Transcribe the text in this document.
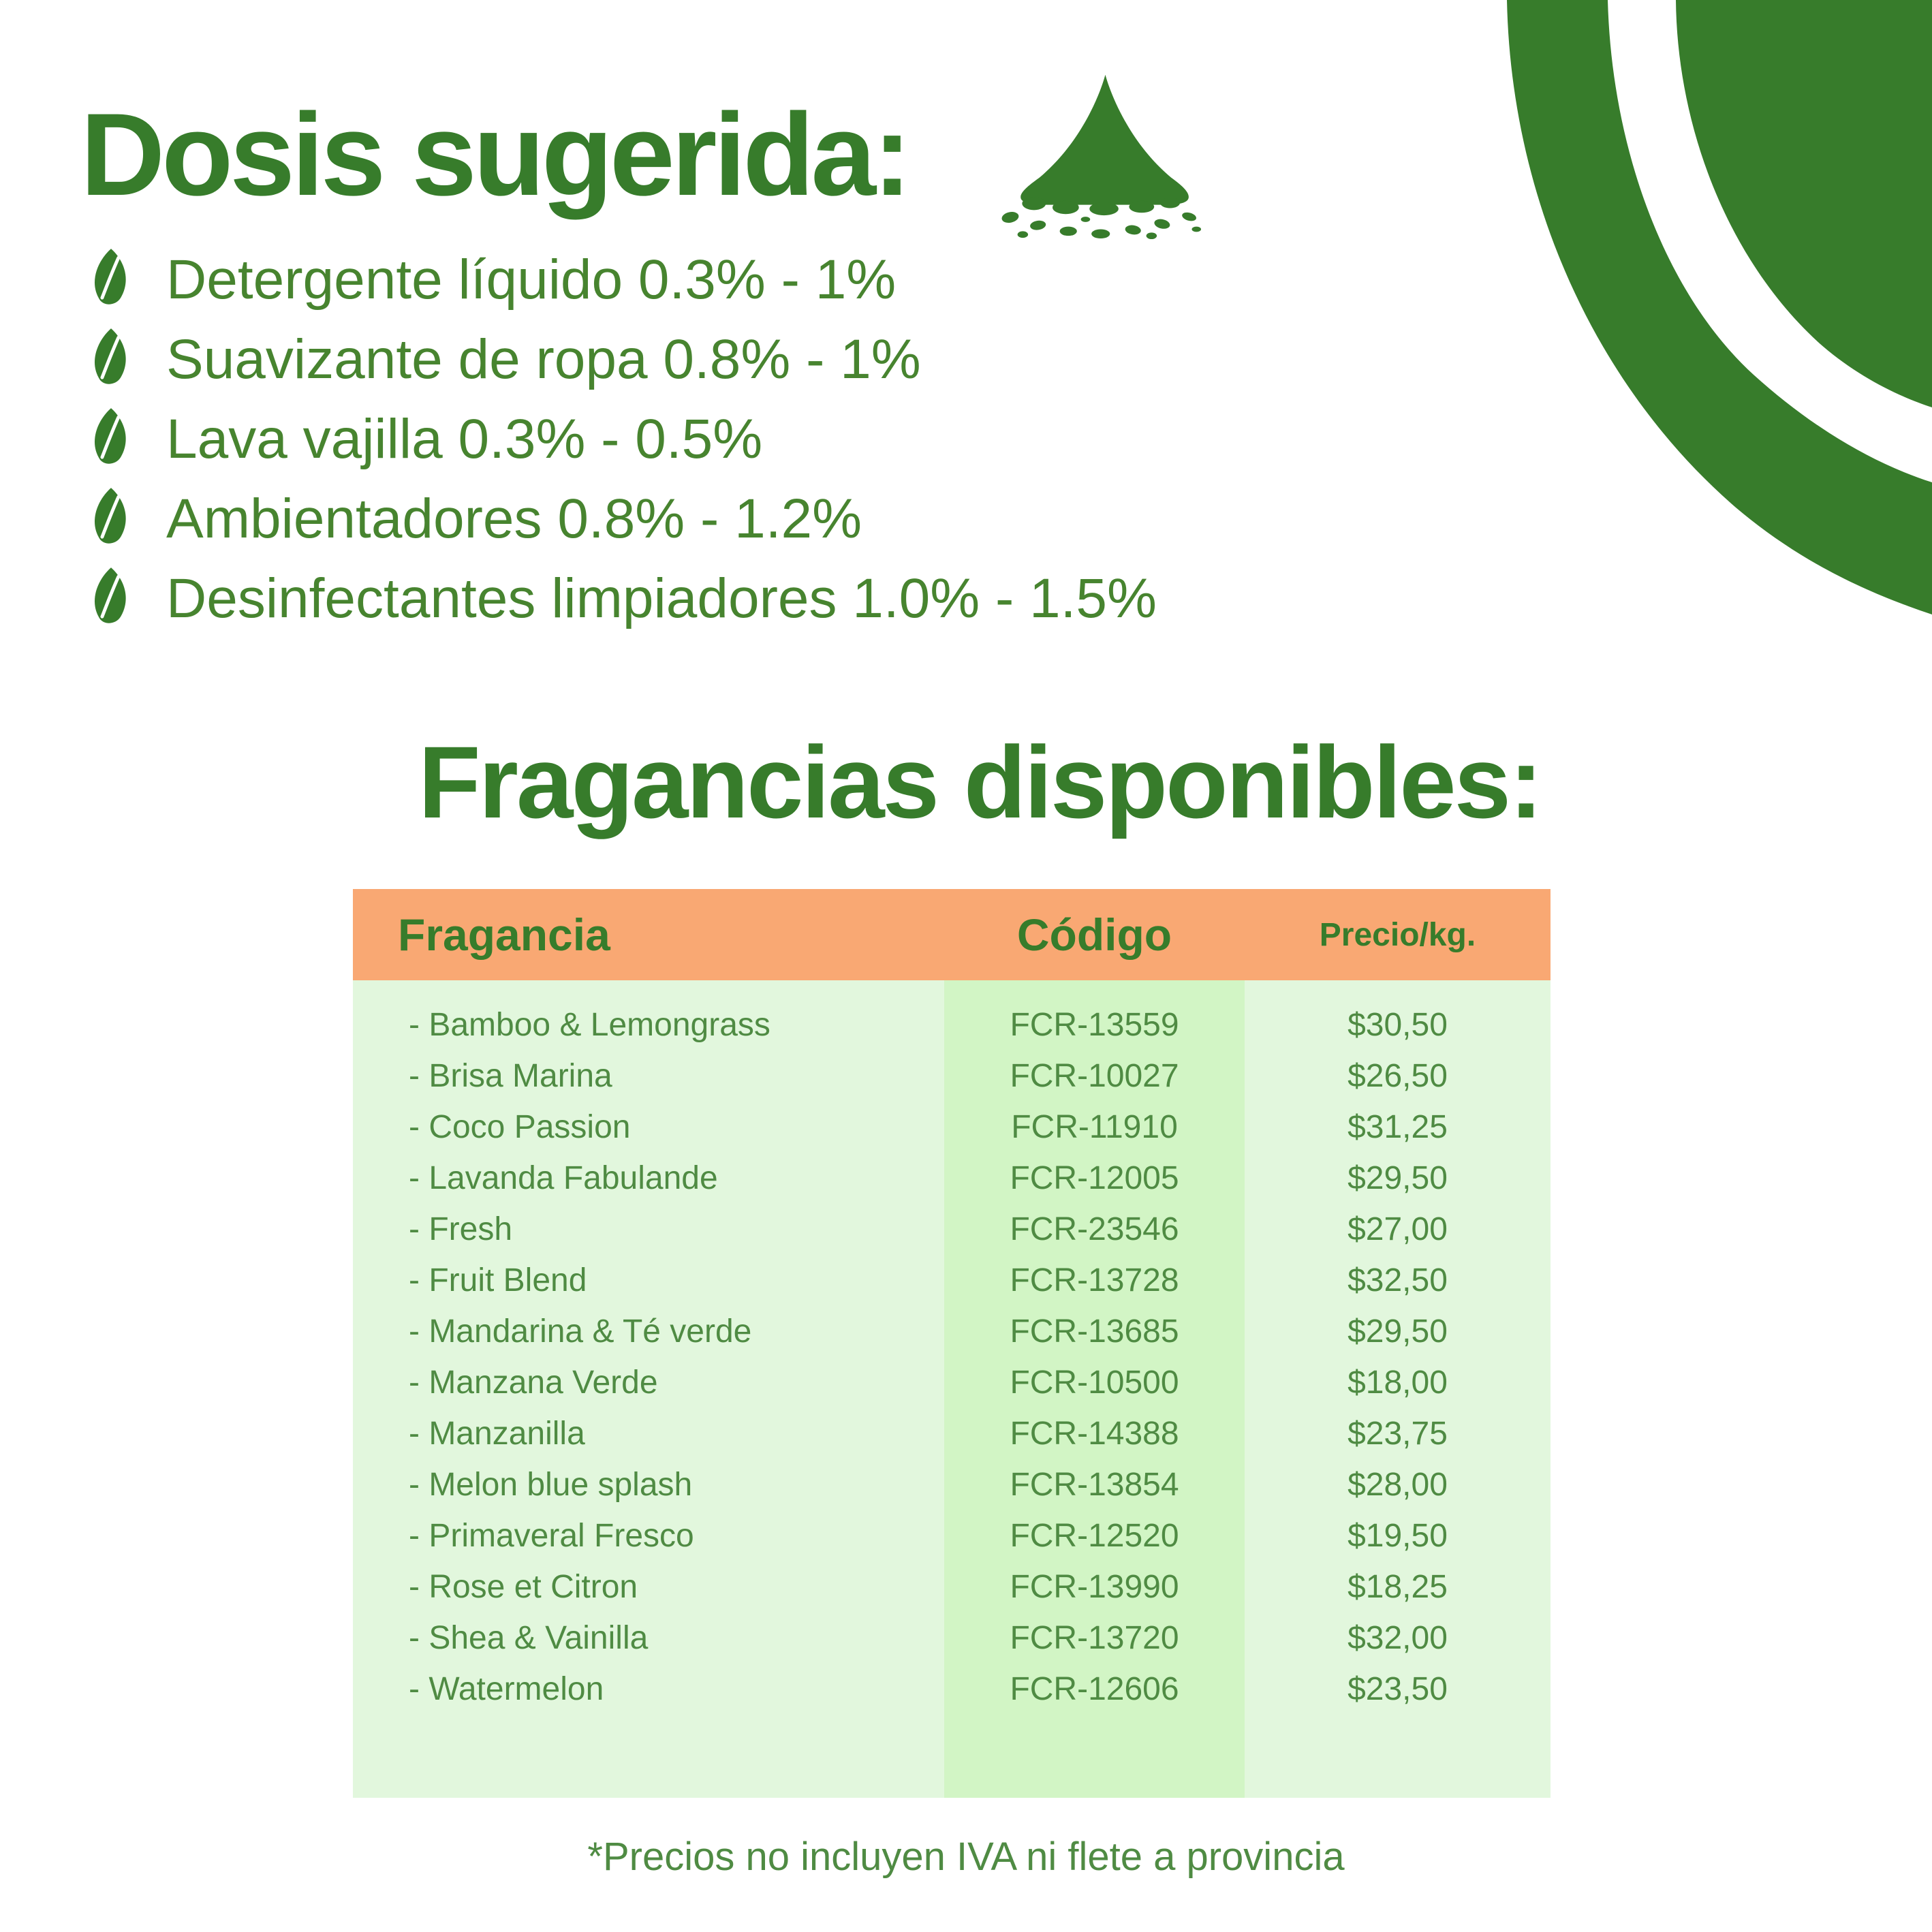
Dosis sugerida:
Detergente líquido 0.3% - 1%
Suavizante de ropa 0.8% - 1%
Lava vajilla 0.3% - 0.5%
Ambientadores 0.8% - 1.2%
Desinfectantes limpiadores 1.0% - 1.5%
Fragancias disponibles:
Fragancia	Código	Precio/kg.
- Bamboo & Lemongrass	FCR-13559	$30,50
- Brisa Marina	FCR-10027	$26,50
- Coco Passion	FCR-11910	$31,25
- Lavanda Fabulande	FCR-12005	$29,50
- Fresh	FCR-23546	$27,00
- Fruit Blend	FCR-13728	$32,50
- Mandarina & Té verde	FCR-13685	$29,50
- Manzana Verde	FCR-10500	$18,00
- Manzanilla	FCR-14388	$23,75
- Melon blue splash	FCR-13854	$28,00
- Primaveral Fresco	FCR-12520	$19,50
- Rose et Citron	FCR-13990	$18,25
- Shea & Vainilla	FCR-13720	$32,00
- Watermelon	FCR-12606	$23,50
*Precios no incluyen IVA ni flete a provincia
